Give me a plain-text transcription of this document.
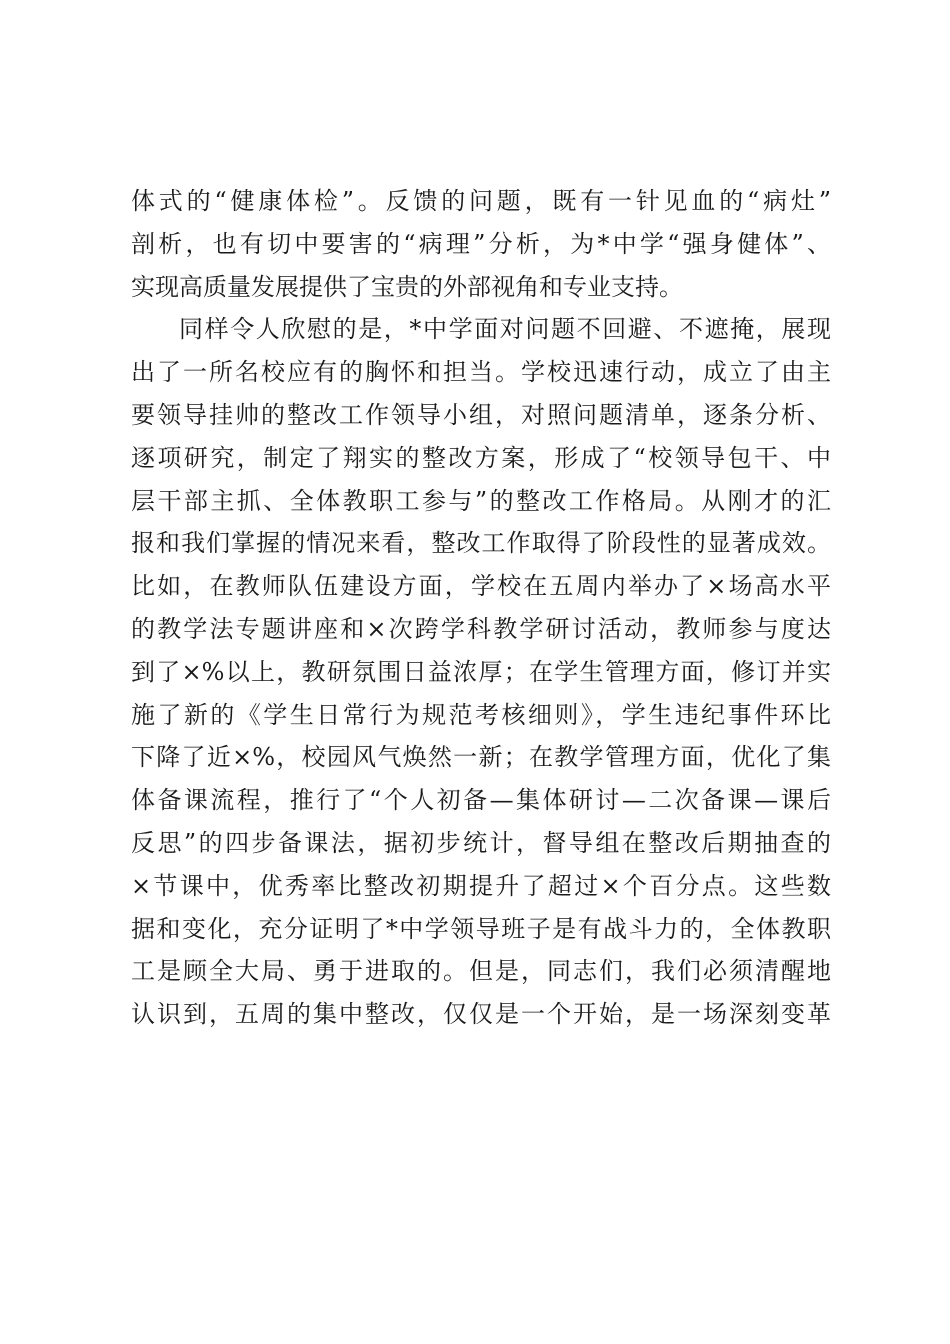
体式的“健康体检”。反馈的问题，既有一针见血的“病灶”
剖析，也有切中要害的“病理”分析，为*中学“强身健体”、
实现高质量发展提供了宝贵的外部视角和专业支持。
同样令人欣慰的是，*中学面对问题不回避、不遮掩，展现
出了一所名校应有的胸怀和担当。学校迅速行动，成立了由主
要领导挂帅的整改工作领导小组，对照问题清单，逐条分析、
逐项研究，制定了翔实的整改方案，形成了“校领导包干、中
层干部主抓、全体教职工参与”的整改工作格局。从刚才的汇
报和我们掌握的情况来看，整改工作取得了阶段性的显著成效。
比如，在教师队伍建设方面，学校在五周内举办了×场高水平
的教学法专题讲座和×次跨学科教学研讨活动，教师参与度达
到了×%以上，教研氛围日益浓厚；在学生管理方面，修订并实
施了新的《学生日常行为规范考核细则》，学生违纪事件环比
下降了近×%，校园风气焕然一新；在教学管理方面，优化了集
体备课流程，推行了“个人初备—集体研讨—二次备课—课后
反思”的四步备课法，据初步统计，督导组在整改后期抽查的
×节课中，优秀率比整改初期提升了超过×个百分点。这些数
据和变化，充分证明了*中学领导班子是有战斗力的，全体教职
工是顾全大局、勇于进取的。但是，同志们，我们必须清醒地
认识到，五周的集中整改，仅仅是一个开始，是一场深刻变革
